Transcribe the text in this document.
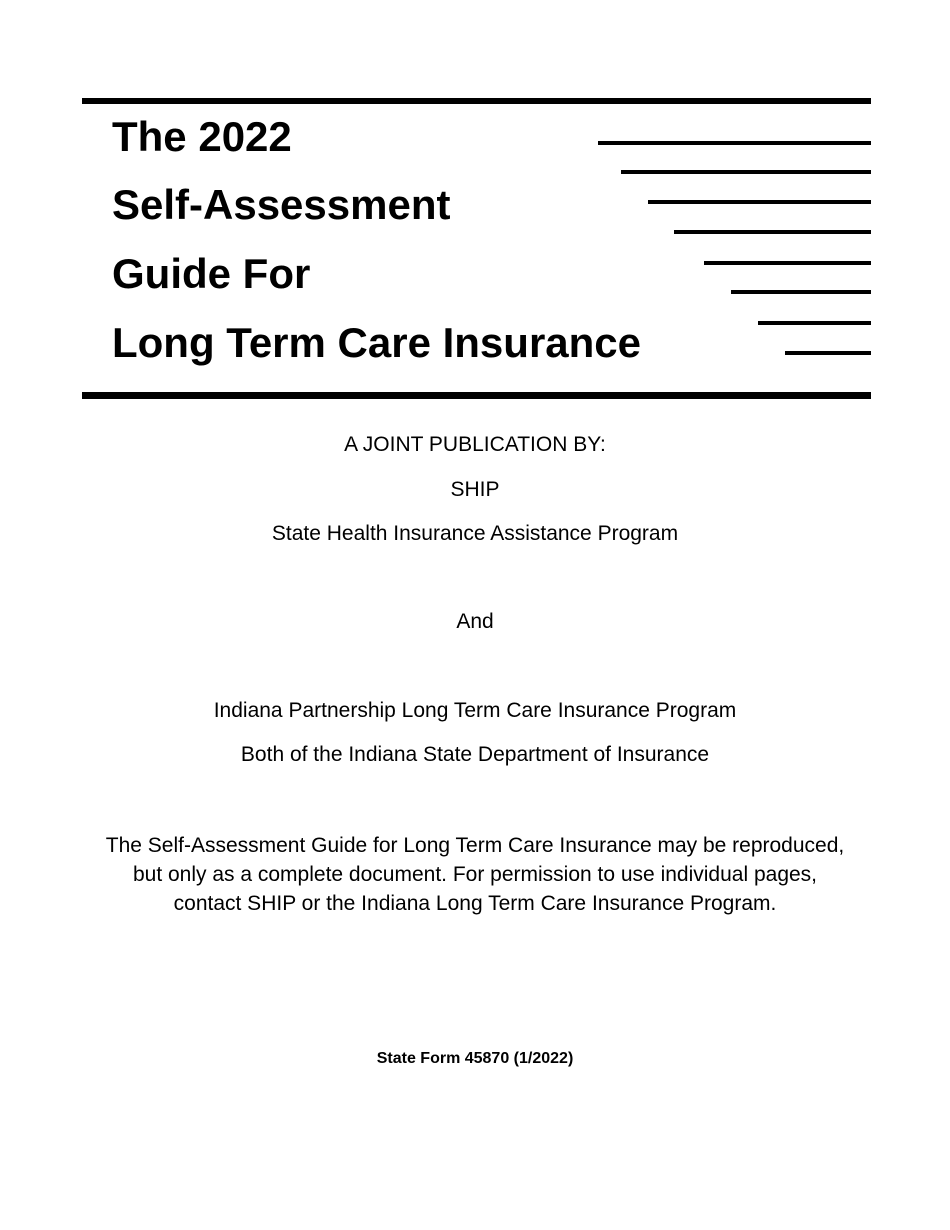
The 2022
Self-Assessment
Guide For
Long Term Care Insurance

A JOINT PUBLICATION BY:

SHIP

State Health Insurance Assistance Program

And

Indiana Partnership Long Term Care Insurance Program

Both of the Indiana State Department of Insurance

The Self-Assessment Guide for Long Term Care Insurance may be reproduced,
but only as a complete document. For permission to use individual pages,
contact SHIP or the Indiana Long Term Care Insurance Program.

State Form 45870 (1/2022)
